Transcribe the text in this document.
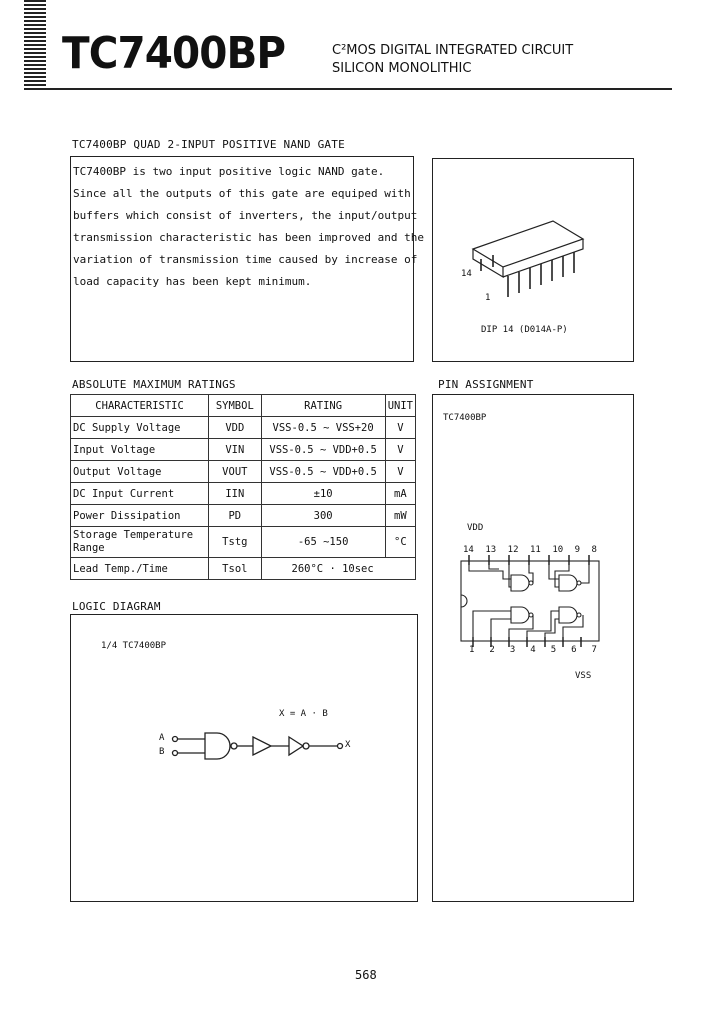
TC7400BP	C²MOS DIGITAL INTEGRATED CIRCUIT
SILICON MONOLITHIC
TC7400BP QUAD 2-INPUT POSITIVE NAND GATE

TC7400BP is two input positive logic NAND gate.

Since all the outputs of this gate are equiped with

buffers which consist of inverters, the input/output

transmission characteristic has been improved and the

variation of transmission time caused by increase of

load capacity has been kept minimum.

14
1
DIP 14 (D014A-P)
ABSOLUTE MAXIMUM RATINGS
CHARACTERISTIC	SYMBOL	RATING	UNIT
DC Supply Voltage	VDD	VSS-0.5 ~ VSS+20	V
Input Voltage	VIN	VSS-0.5 ~ VDD+0.5	V
Output Voltage	VOUT	VSS-0.5 ~ VDD+0.5	V
DC Input Current	IIN	±10	mA
Power Dissipation	PD	300	mW
Storage Temperature Range	Tstg	-65 ~150	°C
Lead Temp./Time	Tsol	260°C · 10sec	
PIN ASSIGNMENT
TC7400BP
VDD
VSS
14 13 12 11 10 9 8
1 2 3 4 5 6 7
LOGIC DIAGRAM
1/4 TC7400BP
X = A · B
A
B
X
568
